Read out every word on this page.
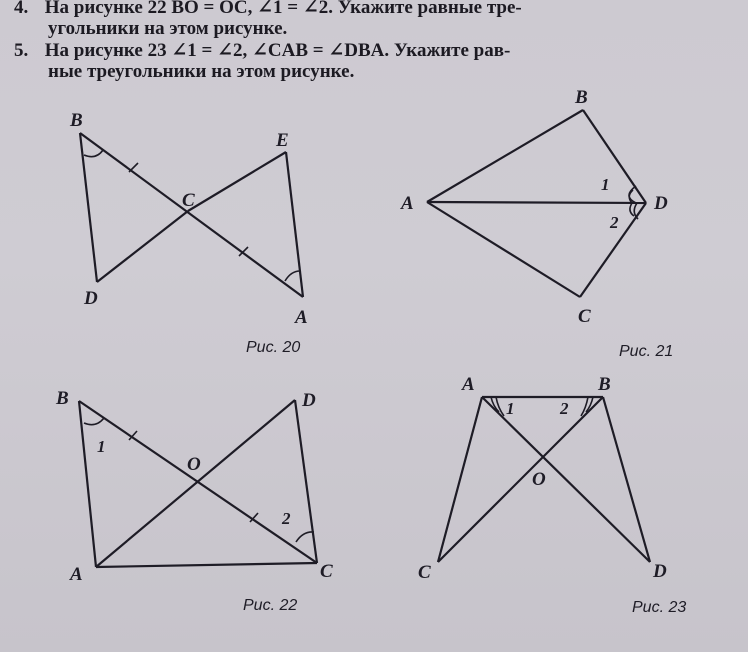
4. На рисунке 22 BO = OC, ∠1 = ∠2. Укажите равные тре-
угольники на этом рисунке.
5. На рисунке 23 ∠1 = ∠2, ∠CAB = ∠DBA. Укажите рав-
ные треугольники на этом рисунке.
B
E
C
D
A
Рис. 20
B
A	D
C
1
2
Рис. 21
B	D
O
A	C
1
2
Рис. 22
A	B
O
C	D
1	2
Рис. 23
